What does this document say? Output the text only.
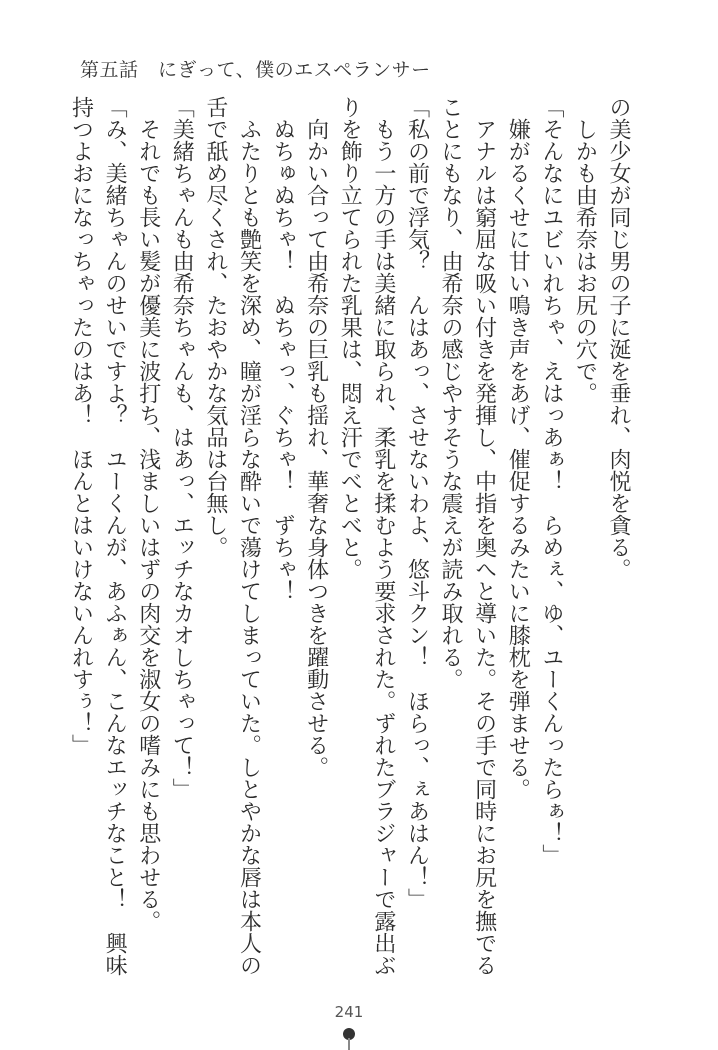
第五話　にぎって、僕のエスペランサー
の美少女が同じ男の子に涎を垂れ、肉悦を貪る。
　しかも由希奈はお尻の穴で。
「そんなにユビいれちゃ、えはっあぁ！　らめぇ、ゆ、ユーくんったらぁ！」
　嫌がるくせに甘い鳴き声をあげ、催促するみたいに膝枕を弾ませる。
　アナルは窮屈な吸い付きを発揮し、中指を奥へと導いた。その手で同時にお尻を撫でる
ことにもなり、由希奈の感じやすそうな震えが読み取れる。
「私の前で浮気？　んはあっ、させないわよ、悠斗クン！　ほらっ、ぇあはん！」
　もう一方の手は美緒に取られ、柔乳を揉むよう要求された。ずれたブラジャーで露出ぶ
りを飾り立てられた乳果は、悶え汗でべとべと。
　向かい合って由希奈の巨乳も揺れ、華奢な身体つきを躍動させる。
　ぬちゅぬちゃ！　ぬちゃっ、ぐちゃ！　ずちゃ！
　ふたりとも艶笑を深め、瞳が淫らな酔いで蕩けてしまっていた。しとやかな唇は本人の
舌で舐め尽くされ、たおやかな気品は台無し。
「美緒ちゃんも由希奈ちゃんも、はあっ、エッチなカオしちゃって！」
　それでも長い髪が優美に波打ち、浅ましいはずの肉交を淑女の嗜みにも思わせる。
「み、美緒ちゃんのせいですよ？　ユーくんが、あふぁん、こんなエッチなこと！　興味
持つよおになっちゃったのはあ！　ほんとはいけないんれすぅ！」
241
